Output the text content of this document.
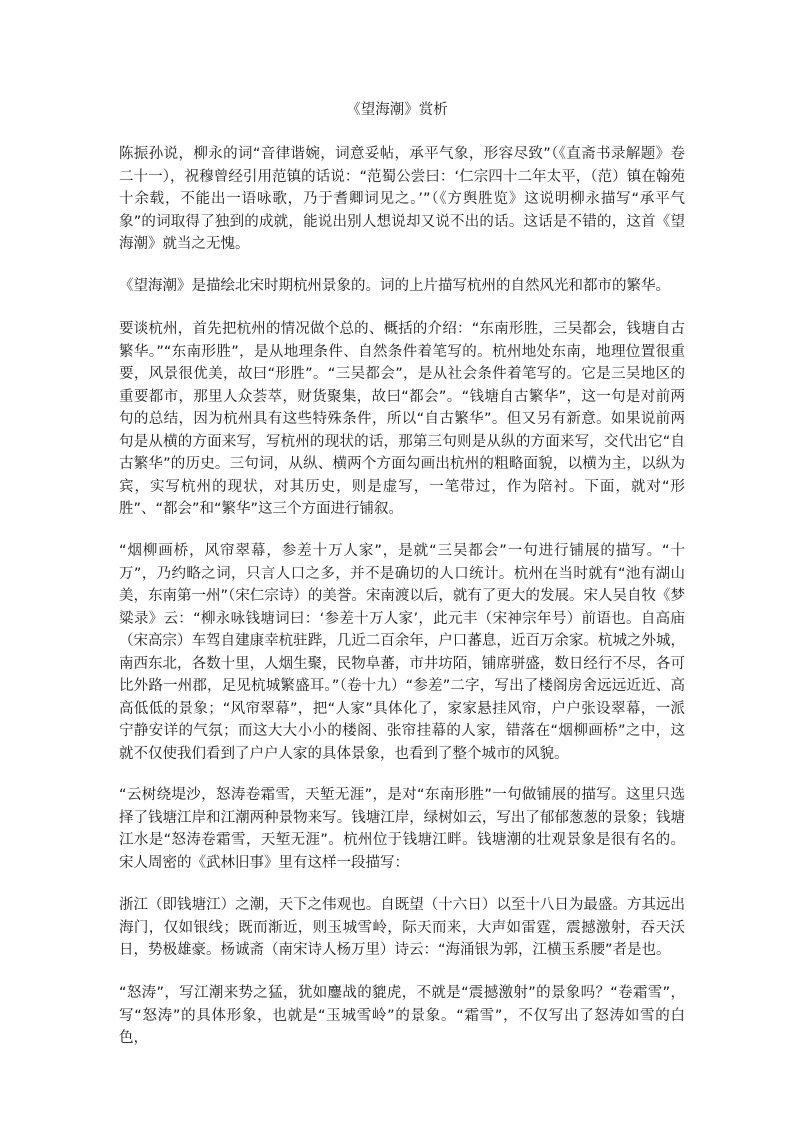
《望海潮》赏析

陈振孙说，柳永的词“音律谐婉，词意妥帖，承平气象，形容尽致”（《直斋书录解题》卷二十一），祝穆曾经引用范镇的话说：“范蜀公尝曰：‘仁宗四十二年太平，（范）镇在翰苑十余载，不能出一语咏歌，乃于耆卿词见之。’”（《方舆胜览》这说明柳永描写“承平气象”的词取得了独到的成就，能说出别人想说却又说不出的话。这话是不错的，这首《望海潮》就当之无愧。

《望海潮》是描绘北宋时期杭州景象的。词的上片描写杭州的自然风光和都市的繁华。

要谈杭州，首先把杭州的情况做个总的、概括的介绍：“东南形胜，三吴都会，钱塘自古繁华。”“东南形胜”，是从地理条件、自然条件着笔写的。杭州地处东南，地理位置很重要，风景很优美，故曰“形胜”。“三吴都会”，是从社会条件着笔写的。它是三吴地区的重要都市，那里人众荟萃，财货聚集，故曰“都会”。“钱塘自古繁华”，这一句是对前两句的总结，因为杭州具有这些特殊条件，所以“自古繁华”。但又另有新意。如果说前两句是从横的方面来写，写杭州的现状的话，那第三句则是从纵的方面来写，交代出它“自古繁华”的历史。三句词，从纵、横两个方面勾画出杭州的粗略面貌，以横为主，以纵为宾，实写杭州的现状，对其历史，则是虚写，一笔带过，作为陪衬。下面，就对“形胜”、“都会”和“繁华”这三个方面进行铺叙。

“烟柳画桥，风帘翠幕，参差十万人家”，是就“三吴都会”一句进行铺展的描写。“十万”，乃约略之词，只言人口之多，并不是确切的人口统计。杭州在当时就有“池有湖山美，东南第一州”（宋仁宗诗）的美誉。宋南渡以后，就有了更大的发展。宋人吴自牧《梦粱录》云：“柳永咏钱塘词曰：‘参差十万人家’，此元丰（宋神宗年号）前语也。自高庙（宋高宗）车驾自建康幸杭驻跸，几近二百余年，户口蕃息，近百万余家。杭城之外城，南西东北，各数十里，人烟生聚，民物阜蕃，市井坊陌，铺席骈盛，数日经行不尽，各可比外路一州郡，足见杭城繁盛耳。”（卷十九）“参差”二字，写出了楼阁房舍远远近近、高高低低的景象；“风帘翠幕”，把“人家”具体化了，家家悬挂风帘，户户张设翠幕，一派宁静安详的气氛；而这大大小小的楼阁、张帘挂幕的人家，错落在“烟柳画桥”之中，这就不仅使我们看到了户户人家的具体景象，也看到了整个城市的风貌。

“云树绕堤沙，怒涛卷霜雪，天堑无涯”，是对“东南形胜”一句做铺展的描写。这里只选择了钱塘江岸和江潮两种景物来写。钱塘江岸，绿树如云，写出了郁郁葱葱的景象；钱塘江水是“怒涛卷霜雪，天堑无涯”。杭州位于钱塘江畔。钱塘潮的壮观景象是很有名的。宋人周密的《武林旧事》里有这样一段描写：

浙江（即钱塘江）之潮，天下之伟观也。自既望（十六日）以至十八日为最盛。方其远出海门，仅如银线；既而渐近，则玉城雪岭，际天而来，大声如雷霆，震撼激射，吞天沃日，势极雄豪。杨诚斋（南宋诗人杨万里）诗云：“海涌银为郭，江横玉系腰”者是也。

“怒涛”，写江潮来势之猛，犹如鏖战的貔虎，不就是“震撼激射”的景象吗？“卷霜雪”，写“怒涛”的具体形象，也就是“玉城雪岭”的景象。“霜雪”，不仅写出了怒涛如雪的白色，
